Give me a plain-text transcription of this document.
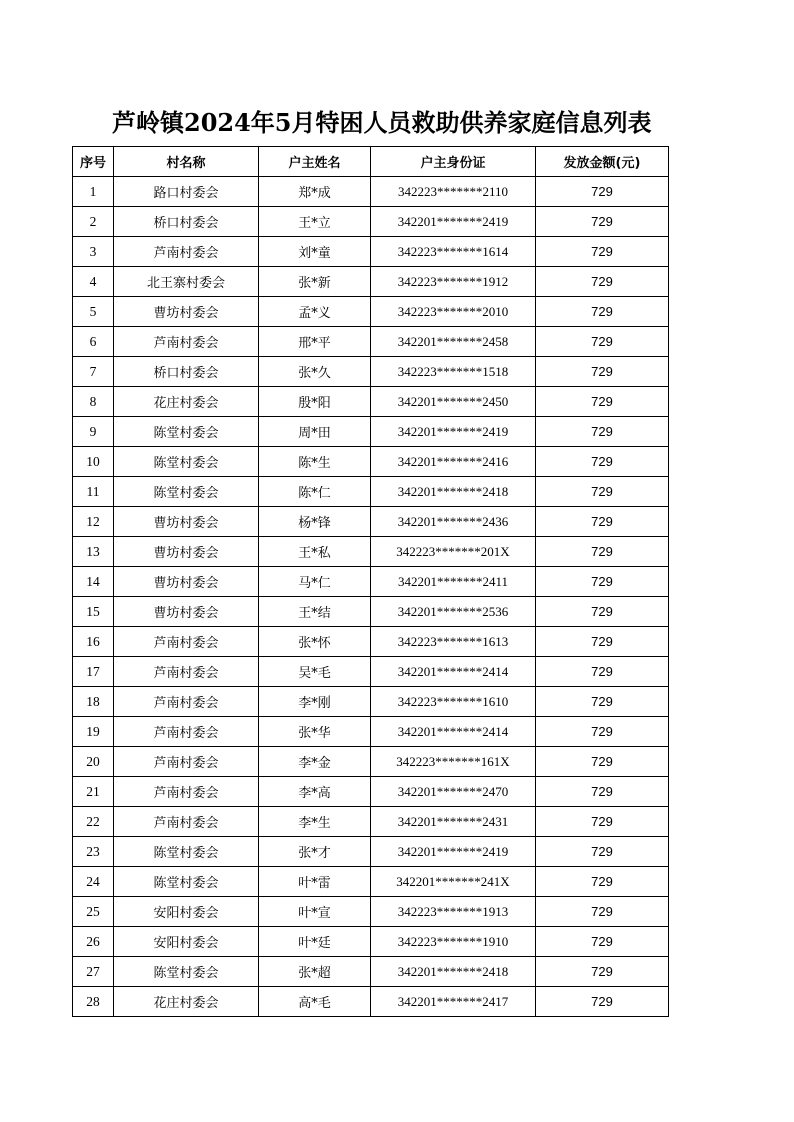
芦岭镇2024年5月特困人员救助供养家庭信息列表
序号	村名称	户主姓名	户主身份证	发放金额(元)
1	路口村委会	郑*成	342223*******2110	729
2	桥口村委会	王*立	342201*******2419	729
3	芦南村委会	刘*童	342223*******1614	729
4	北王寨村委会	张*新	342223*******1912	729
5	曹坊村委会	孟*义	342223*******2010	729
6	芦南村委会	邢*平	342201*******2458	729
7	桥口村委会	张*久	342223*******1518	729
8	花庄村委会	殷*阳	342201*******2450	729
9	陈堂村委会	周*田	342201*******2419	729
10	陈堂村委会	陈*生	342201*******2416	729
11	陈堂村委会	陈*仁	342201*******2418	729
12	曹坊村委会	杨*锋	342201*******2436	729
13	曹坊村委会	王*私	342223*******201X	729
14	曹坊村委会	马*仁	342201*******2411	729
15	曹坊村委会	王*结	342201*******2536	729
16	芦南村委会	张*怀	342223*******1613	729
17	芦南村委会	吴*毛	342201*******2414	729
18	芦南村委会	李*刚	342223*******1610	729
19	芦南村委会	张*华	342201*******2414	729
20	芦南村委会	李*金	342223*******161X	729
21	芦南村委会	李*高	342201*******2470	729
22	芦南村委会	李*生	342201*******2431	729
23	陈堂村委会	张*才	342201*******2419	729
24	陈堂村委会	叶*雷	342201*******241X	729
25	安阳村委会	叶*宣	342223*******1913	729
26	安阳村委会	叶*廷	342223*******1910	729
27	陈堂村委会	张*超	342201*******2418	729
28	花庄村委会	高*毛	342201*******2417	729
